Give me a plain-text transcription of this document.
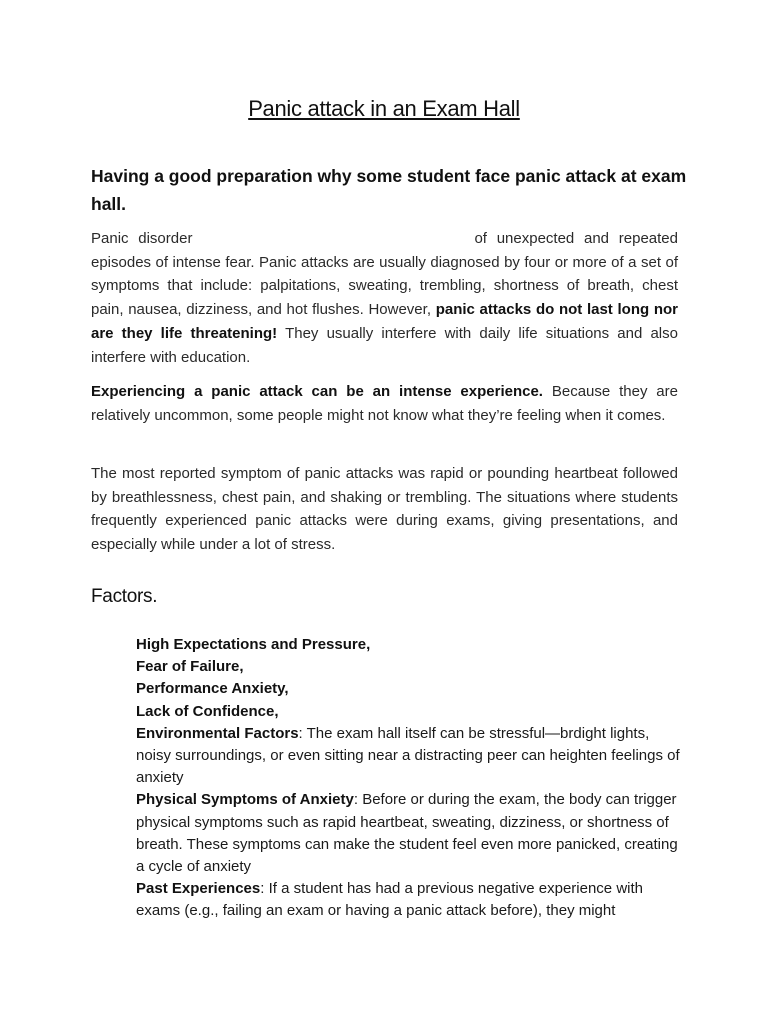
Panic attack in an Exam Hall
Having a good preparation why some student face panic attack at exam hall.

Panic disorder	of unexpected and repeated episodes of intense fear. Panic attacks are usually diagnosed by four or more of a set of symptoms that include: palpitations, sweating, trembling, shortness of breath, chest pain, nausea, dizziness, and hot flushes. However, panic attacks do not last long nor are they life threatening! They usually interfere with daily life situations and also interfere with education.

Experiencing a panic attack can be an intense experience. Because they are relatively uncommon, some people might not know what they’re feeling when it comes.

The most reported symptom of panic attacks was rapid or pounding heartbeat followed by breathlessness, chest pain, and shaking or trembling. The situations where students frequently experienced panic attacks were during exams, giving presentations, and especially while under a lot of stress.

Factors.
High Expectations and Pressure,
Fear of Failure,
Performance Anxiety,
Lack of Confidence,
Environmental Factors: The exam hall itself can be stressful—brdight lights, noisy surroundings, or even sitting near a distracting peer can heighten feelings of anxiety
Physical Symptoms of Anxiety: Before or during the exam, the body can trigger physical symptoms such as rapid heartbeat, sweating, dizziness, or shortness of breath. These symptoms can make the student feel even more panicked, creating a cycle of anxiety
Past Experiences: If a student has had a previous negative experience with exams (e.g., failing an exam or having a panic attack before), they might
